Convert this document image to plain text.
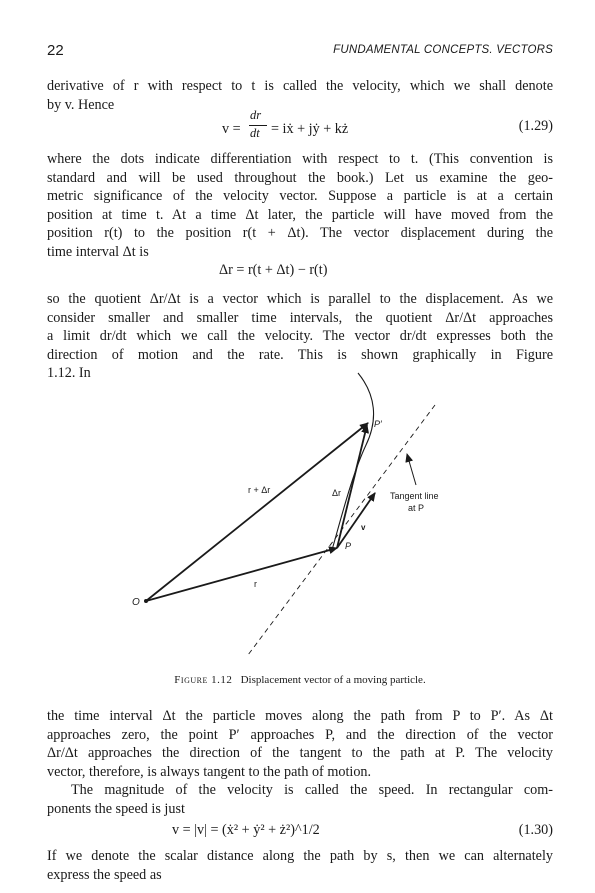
22	FUNDAMENTAL CONCEPTS. VECTORS
derivative of r with respect to t is called the velocity, which we shall denote
by v. Hence
v =
dr
dt = iẋ + jẏ + kż	(1.29)
where the dots indicate differentiation with respect to t. (This convention is
standard and will be used throughout the book.) Let us examine the geo-
metric significance of the velocity vector. Suppose a particle is at a certain
position at time t. At a time Δt later, the particle will have moved from the
position r(t) to the position r(t + Δt). The vector displacement during the
time interval Δt is
Δr = r(t + Δt) − r(t)
so the quotient Δr/Δt is a vector which is parallel to the displacement. As we
consider smaller and smaller time intervals, the quotient Δr/Δt approaches
a limit dr/dt which we call the velocity. The vector dr/dt expresses both the
direction of motion and the rate. This is shown graphically in Figure
1.12. In
O
r
r + Δr	Δr
v
P
P′
Tangent line
at P
Figure 1.12 Displacement vector of a moving particle.
the time interval Δt the particle moves along the path from P to P′. As Δt
approaches zero, the point P′ approaches P, and the direction of the vector
Δr/Δt approaches the direction of the tangent to the path at P. The velocity
vector, therefore, is always tangent to the path of motion.
The magnitude of the velocity is called the speed. In rectangular com-
ponents the speed is just
v = |v| = (ẋ² + ẏ² + ż²)^1/2	(1.30)
If we denote the scalar distance along the path by s, then we can alternately
express the speed as
